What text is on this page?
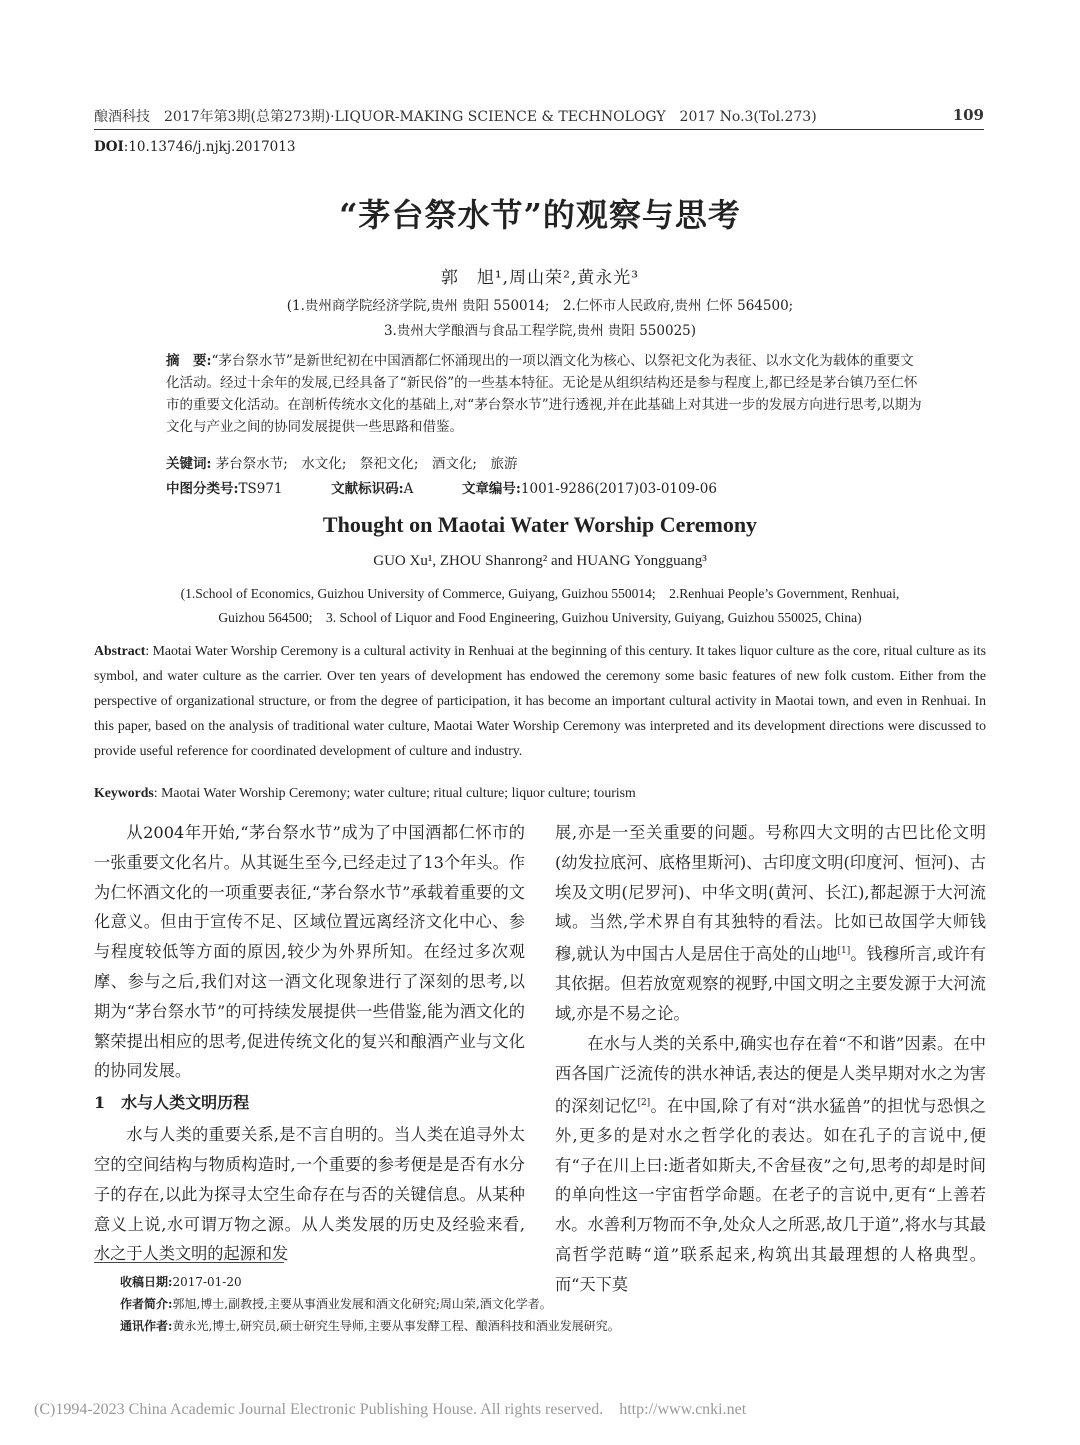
酿酒科技　2017年第3期(总第273期)·LIQUOR-MAKING SCIENCE & TECHNOLOGY　2017 No.3(Tol.273)	109
DOI:10.13746/j.njkj.2017013
“茅台祭水节”的观察与思考
郭　旭¹,周山荣²,黄永光³
(1.贵州商学院经济学院,贵州 贵阳 550014;　2.仁怀市人民政府,贵州 仁怀 564500;
3.贵州大学酿酒与食品工程学院,贵州 贵阳 550025)
摘　要:“茅台祭水节”是新世纪初在中国酒都仁怀涌现出的一项以酒文化为核心、以祭祀文化为表征、以水文化为载体的重要文化活动。经过十余年的发展,已经具备了“新民俗”的一些基本特征。无论是从组织结构还是参与程度上,都已经是茅台镇乃至仁怀市的重要文化活动。在剖析传统水文化的基础上,对“茅台祭水节”进行透视,并在此基础上对其进一步的发展方向进行思考,以期为文化与产业之间的协同发展提供一些思路和借鉴。
关键词: 茅台祭水节;　水文化;　祭祀文化;　酒文化;　旅游
中图分类号:TS971	文献标识码:A	文章编号:1001-9286(2017)03-0109-06
Thought on Maotai Water Worship Ceremony
GUO Xu¹, ZHOU Shanrong² and HUANG Yongguang³
(1.School of Economics, Guizhou University of Commerce, Guiyang, Guizhou 550014;　2.Renhuai People’s Government, Renhuai,
Guizhou 564500;　3. School of Liquor and Food Engineering, Guizhou University, Guiyang, Guizhou 550025, China)
Abstract: Maotai Water Worship Ceremony is a cultural activity in Renhuai at the beginning of this century. It takes liquor culture as the core, ritual culture as its symbol, and water culture as the carrier. Over ten years of development has endowed the ceremony some basic features of new folk custom. Either from the perspective of organizational structure, or from the degree of participation, it has become an important cultural activity in Maotai town, and even in Renhuai. In this paper, based on the analysis of traditional water culture, Maotai Water Worship Ceremony was interpreted and its development directions were discussed to provide useful reference for coordinated development of culture and industry.
Keywords: Maotai Water Worship Ceremony; water culture; ritual culture; liquor culture; tourism

从2004年开始,“茅台祭水节”成为了中国酒都仁怀市的一张重要文化名片。从其诞生至今,已经走过了13个年头。作为仁怀酒文化的一项重要表征,“茅台祭水节”承载着重要的文化意义。但由于宣传不足、区域位置远离经济文化中心、参与程度较低等方面的原因,较少为外界所知。在经过多次观摩、参与之后,我们对这一酒文化现象进行了深刻的思考,以期为“茅台祭水节”的可持续发展提供一些借鉴,能为酒文化的繁荣提出相应的思考,促进传统文化的复兴和酿酒产业与文化的协同发展。

1　水与人类文明历程

水与人类的重要关系,是不言自明的。当人类在追寻外太空的空间结构与物质构造时,一个重要的参考便是是否有水分子的存在,以此为探寻太空生命存在与否的关键信息。从某种意义上说,水可谓万物之源。从人类发展的历史及经验来看,水之于人类文明的起源和发

展,亦是一至关重要的问题。号称四大文明的古巴比伦文明(幼发拉底河、底格里斯河)、古印度文明(印度河、恒河)、古埃及文明(尼罗河)、中华文明(黄河、长江),都起源于大河流域。当然,学术界自有其独特的看法。比如已故国学大师钱穆,就认为中国古人是居住于高处的山地[1]。钱穆所言,或许有其依据。但若放宽观察的视野,中国文明之主要发源于大河流域,亦是不易之论。

在水与人类的关系中,确实也存在着“不和谐”因素。在中西各国广泛流传的洪水神话,表达的便是人类早期对水之为害的深刻记忆[2]。在中国,除了有对“洪水猛兽”的担忧与恐惧之外,更多的是对水之哲学化的表达。如在孔子的言说中,便有“子在川上曰:逝者如斯夫,不舍昼夜”之句,思考的却是时间的单向性这一宇宙哲学命题。在老子的言说中,更有“上善若水。水善利万物而不争,处众人之所恶,故几于道”,将水与其最高哲学范畴“道”联系起来,构筑出其最理想的人格典型。而“天下莫

收稿日期:2017-01-20
作者简介:郭旭,博士,副教授,主要从事酒业发展和酒文化研究;周山荣,酒文化学者。
通讯作者:黄永光,博士,研究员,硕士研究生导师,主要从事发酵工程、酿酒科技和酒业发展研究。
(C)1994-2023 China Academic Journal Electronic Publishing House. All rights reserved.　http://www.cnki.net
